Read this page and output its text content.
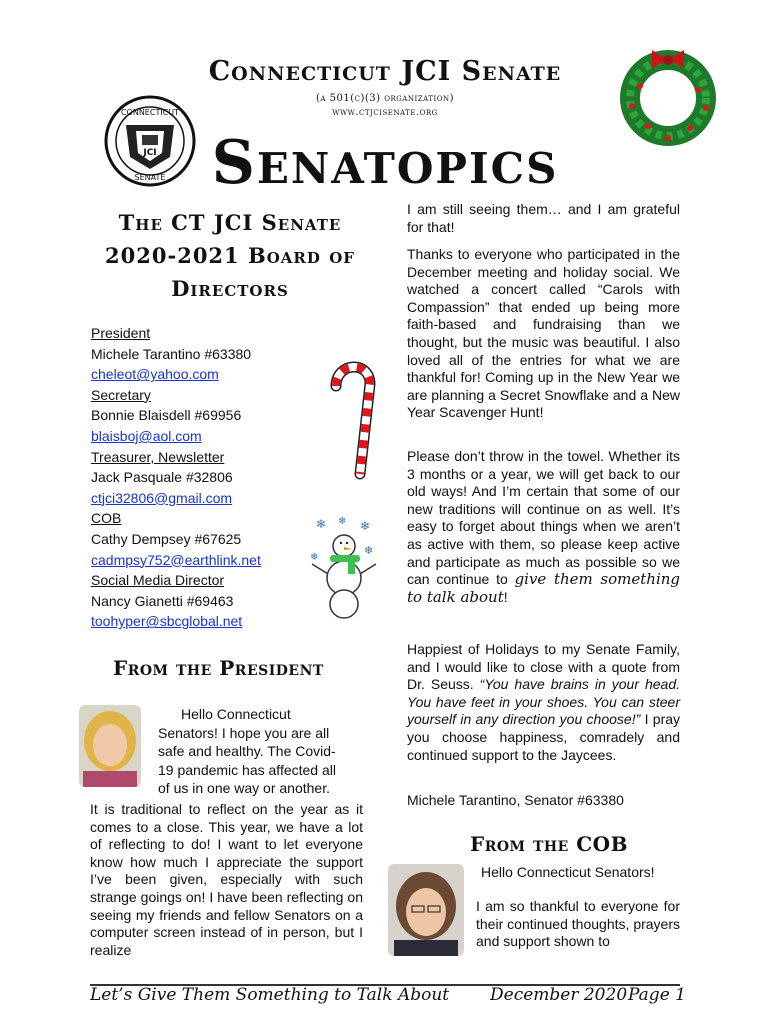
Connecticut JCI Senate
(a 501(c)(3) organization)
www.ctjcisenate.org
Senatopics
JCI
CONNECTICUT
SENATE
The CT JCI Senate
2020-2021 Board of
Directors
President
Michele Tarantino #63380
cheleot@yahoo.com
Secretary
Bonnie Blaisdell #69956
blaisboj@aol.com
Treasurer, Newsletter
Jack Pasquale #32806
ctjci32806@gmail.com
COB
Cathy Dempsey #67625
cadmpsy752@earthlink.net
Social Media Director
Nancy Gianetti #69463
toohyper@sbcglobal.net
❄ ❄ ❄
❄
❄
From the President
Hello Connecticut
Senators! I hope you are all
safe and healthy. The Covid-
19 pandemic has affected all
of us in one way or another.
It is traditional to reflect on the year as it comes to a close. This year, we have a lot of reflecting to do! I want to let everyone know how much I appreciate the support I’ve been given, especially with such strange goings on! I have been reflecting on seeing my friends and fellow Senators on a computer screen instead of in person, but I realize
I am still seeing them… and I am grateful for that!
Thanks to everyone who participated in the December meeting and holiday social. We watched a concert called “Carols with Compassion” that ended up being more faith-based and fundraising than we thought, but the music was beautiful. I also loved all of the entries for what we are thankful for! Coming up in the New Year we are planning a Secret Snowflake and a New Year Scavenger Hunt!
Please don’t throw in the towel. Whether its 3 months or a year, we will get back to our old ways! And I’m certain that some of our new traditions will continue on as well. It’s easy to forget about things when we aren’t as active with them, so please keep active and participate as much as possible so we can continue to give them something to talk about!
Happiest of Holidays to my Senate Family, and I would like to close with a quote from Dr. Seuss. “You have brains in your head. You have feet in your shoes. You can steer yourself in any direction you choose!” I pray you choose happiness, comradely and continued support to the Jaycees.
Michele Tarantino, Senator #63380
From the COB
Hello Connecticut Senators!
I am so thankful to everyone for their continued thoughts, prayers and support shown to
Let’s Give Them Something to Talk About December 2020 Page 1
